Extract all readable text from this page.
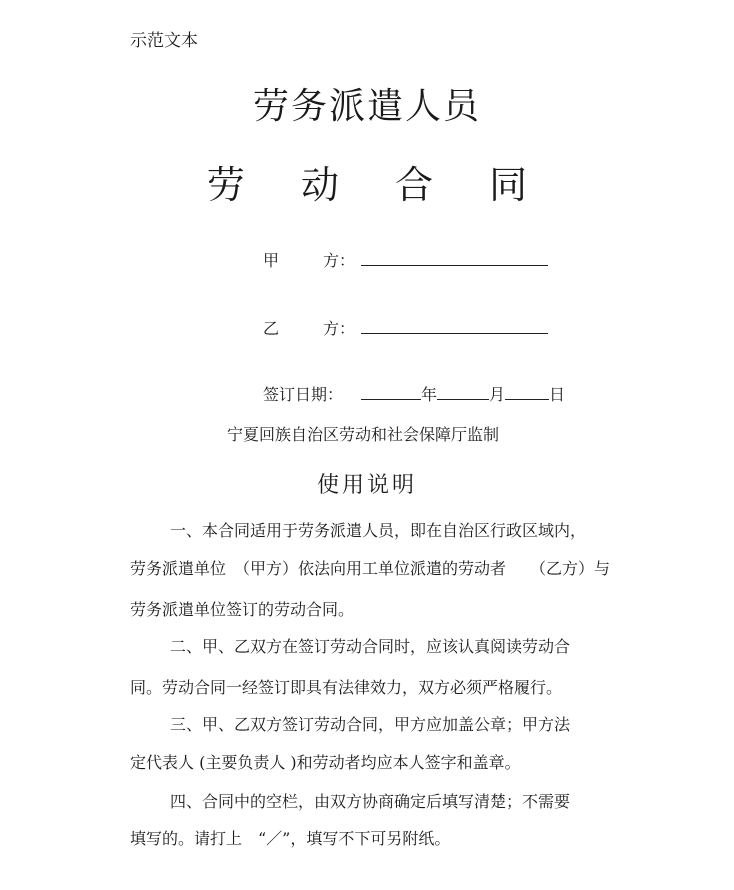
示范文本
劳务派遣人员
劳 动 合 同
甲	方：
乙	方：
签订日期：	年	月	日
宁夏回族自治区劳动和社会保障厅监制
使用说明
一、本合同适用于劳务派遣人员，即在自治区行政区域内，
劳务派遣单位　（甲方）依法向用工单位派遣的劳动者　　（乙方）与
劳务派遣单位签订的劳动合同。
二、甲、乙双方在签订劳动合同时，应该认真阅读劳动合
同。劳动合同一经签订即具有法律效力，双方必须严格履行。
三、甲、乙双方签订劳动合同，甲方应加盖公章；甲方法
定代表人 (主要负责人 )和劳动者均应本人签字和盖章。
四、合同中的空栏，由双方协商确定后填写清楚；不需要
填写的。请打上　“／”，填写不下可另附纸。
